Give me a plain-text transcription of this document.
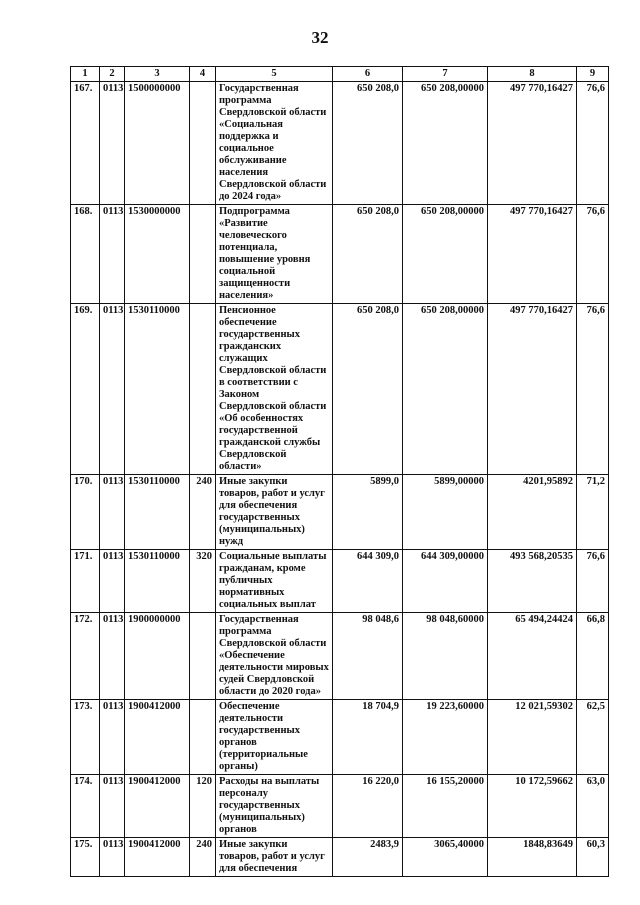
32
1	2	3	4	5	6	7	8	9
167.	0113	1500000000		Государственная программа Свердловской области «Социальная поддержка и социальное обслуживание населения Свердловской области до 2024 года»	650 208,0	650 208,00000	497 770,16427	76,6
168.	0113	1530000000		Подпрограмма «Развитие человеческого потенциала, повышение уровня социальной защищенности населения»	650 208,0	650 208,00000	497 770,16427	76,6
169.	0113	1530110000		Пенсионное обеспечение государственных гражданских служащих Свердловской области в соответствии с Законом Свердловской области «Об особенностях государственной гражданской службы Свердловской области»	650 208,0	650 208,00000	497 770,16427	76,6
170.	0113	1530110000	240	Иные закупки товаров, работ и услуг для обеспечения государственных (муниципальных) нужд	5899,0	5899,00000	4201,95892	71,2
171.	0113	1530110000	320	Социальные выплаты гражданам, кроме публичных нормативных социальных выплат	644 309,0	644 309,00000	493 568,20535	76,6
172.	0113	1900000000		Государственная программа Свердловской области «Обеспечение деятельности мировых судей Свердловской области до 2020 года»	98 048,6	98 048,60000	65 494,24424	66,8
173.	0113	1900412000		Обеспечение деятельности государственных органов (территориальные органы)	18 704,9	19 223,60000	12 021,59302	62,5
174.	0113	1900412000	120	Расходы на выплаты персоналу государственных (муниципальных) органов	16 220,0	16 155,20000	10 172,59662	63,0
175.	0113	1900412000	240	Иные закупки товаров, работ и услуг для обеспечения	2483,9	3065,40000	1848,83649	60,3
